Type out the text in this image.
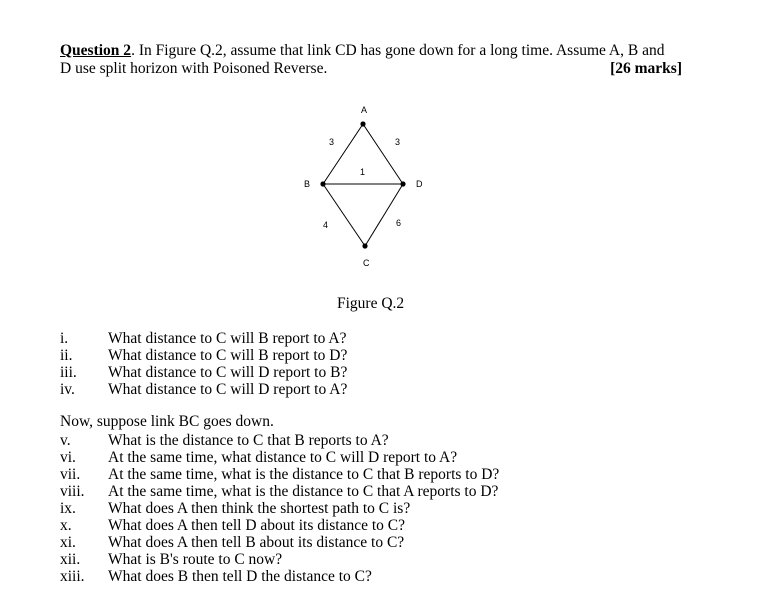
Question 2. In Figure Q.2, assume that link CD has gone down for a long time. Assume A, B and
D use split horizon with Poisoned Reverse.	[26 marks]
A
B	D
C
3	3
1
4	6
Figure Q.2
i.	What distance to C will B report to A?
ii. What distance to C will B report to D?
iii. What distance to C will D report to B?
iv. What distance to C will D report to A?
Now, suppose link BC goes down.
v. What is the distance to C that B reports to A?
vi. At the same time, what distance to C will D report to A?
vii. At the same time, what is the distance to C that B reports to D?
viii. At the same time, what is the distance to C that A reports to D?
ix. What does A then think the shortest path to C is?
x. What does A then tell D about its distance to C?
xi. What does A then tell B about its distance to C?
xii. What is B's route to C now?
xiii. What does B then tell D the distance to C?
